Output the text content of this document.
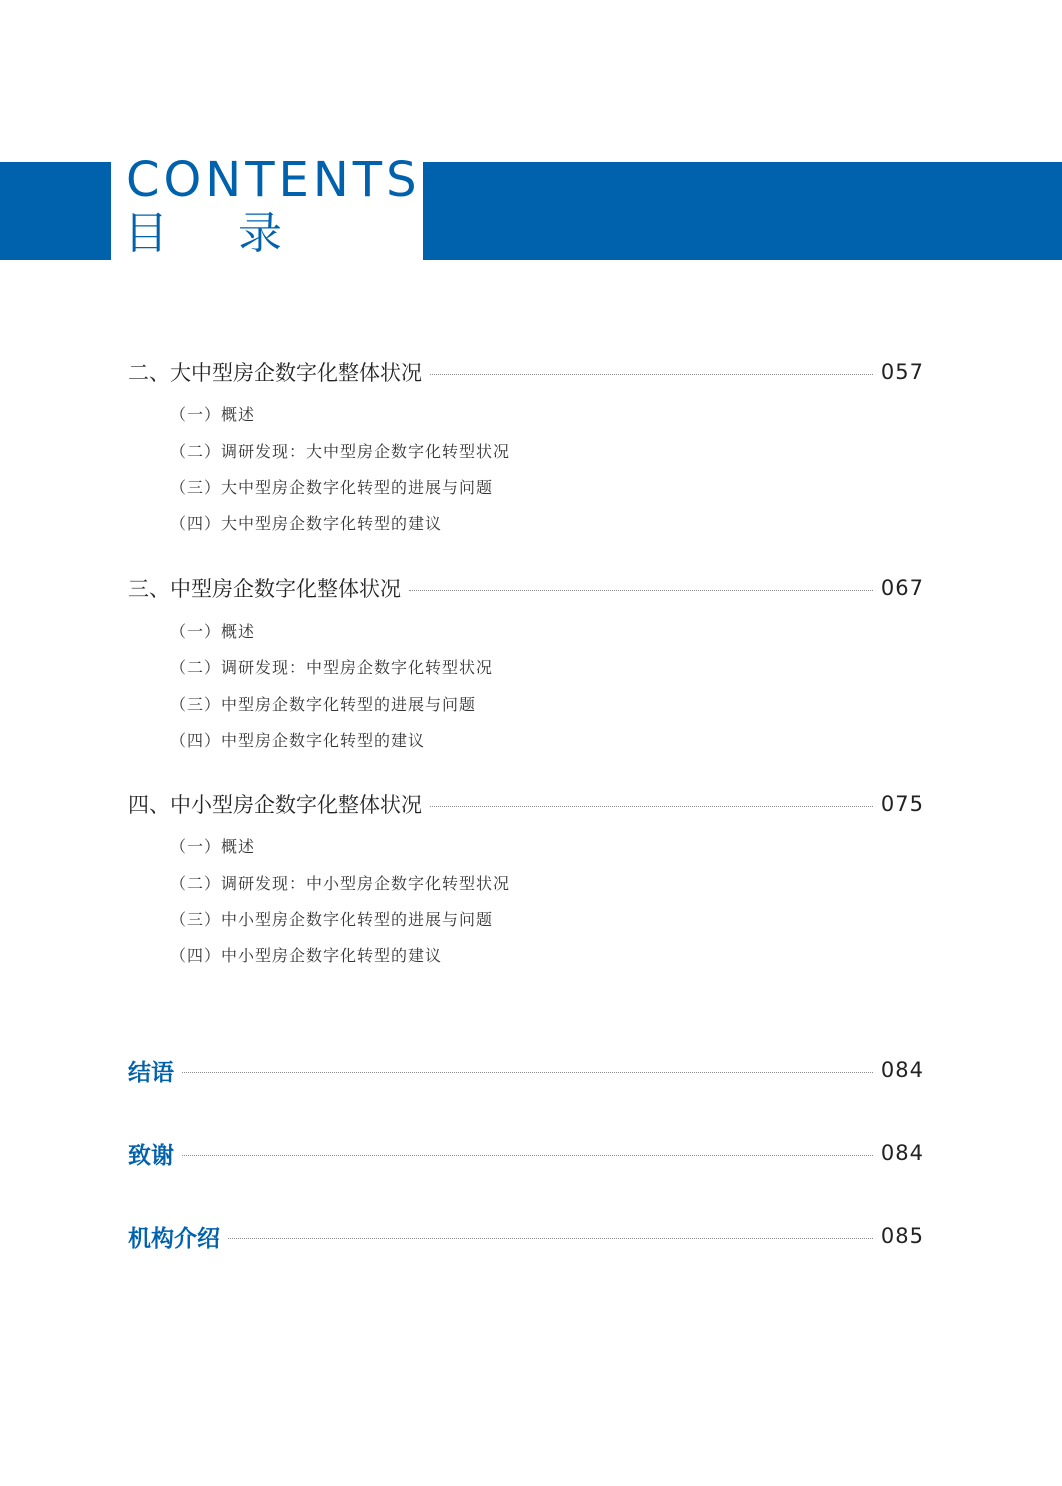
CONTENTS
目 录
二、大中型房企数字化整体状况	057
（一）概述
（二）调研发现：大中型房企数字化转型状况
（三）大中型房企数字化转型的进展与问题
（四）大中型房企数字化转型的建议
三、中型房企数字化整体状况	067
（一）概述
（二）调研发现：中型房企数字化转型状况
（三）中型房企数字化转型的进展与问题
（四）中型房企数字化转型的建议
四、中小型房企数字化整体状况	075
（一）概述
（二）调研发现：中小型房企数字化转型状况
（三）中小型房企数字化转型的进展与问题
（四）中小型房企数字化转型的建议
结语	084
致谢	084
机构介绍	085
